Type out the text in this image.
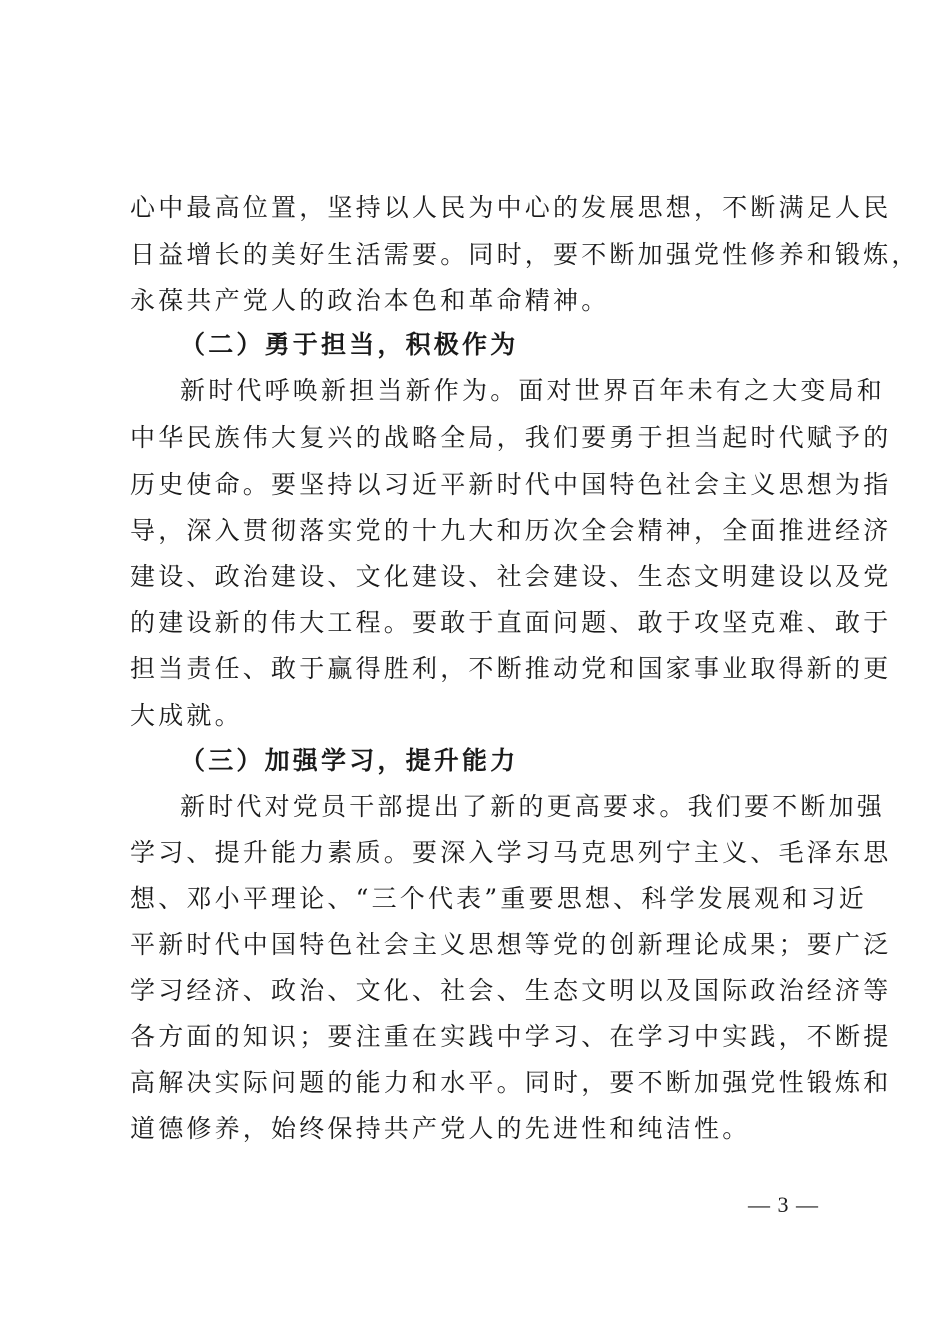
心中最高位置，坚持以人民为中心的发展思想，不断满足人民
日益增长的美好生活需要。同时，要不断加强党性修养和锻炼，
永葆共产党人的政治本色和革命精神。
（二）勇于担当，积极作为
新时代呼唤新担当新作为。面对世界百年未有之大变局和
中华民族伟大复兴的战略全局，我们要勇于担当起时代赋予的
历史使命。要坚持以习近平新时代中国特色社会主义思想为指
导，深入贯彻落实党的十九大和历次全会精神，全面推进经济
建设、政治建设、文化建设、社会建设、生态文明建设以及党
的建设新的伟大工程。要敢于直面问题、敢于攻坚克难、敢于
担当责任、敢于赢得胜利，不断推动党和国家事业取得新的更
大成就。
（三）加强学习，提升能力
新时代对党员干部提出了新的更高要求。我们要不断加强
学习、提升能力素质。要深入学习马克思列宁主义、毛泽东思
想、邓小平理论、“三个代表”重要思想、科学发展观和习近
平新时代中国特色社会主义思想等党的创新理论成果；要广泛
学习经济、政治、文化、社会、生态文明以及国际政治经济等
各方面的知识；要注重在实践中学习、在学习中实践，不断提
高解决实际问题的能力和水平。同时，要不断加强党性锻炼和
道德修养，始终保持共产党人的先进性和纯洁性。
— 3 —
